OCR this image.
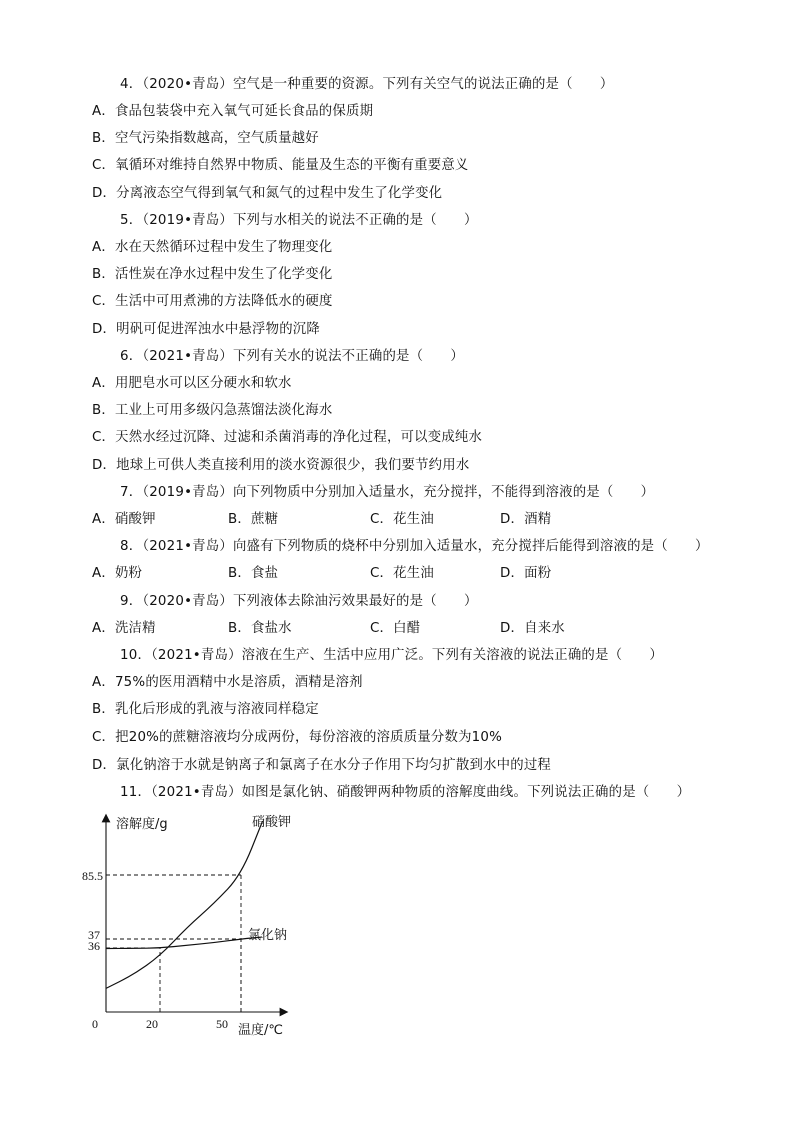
4．（2020•青岛）空气是一种重要的资源。下列有关空气的说法正确的是（　　）
A．食品包装袋中充入氧气可延长食品的保质期
B．空气污染指数越高，空气质量越好
C．氧循环对维持自然界中物质、能量及生态的平衡有重要意义
D．分离液态空气得到氧气和氮气的过程中发生了化学变化
5．（2019•青岛）下列与水相关的说法不正确的是（　　）
A．水在天然循环过程中发生了物理变化
B．活性炭在净水过程中发生了化学变化
C．生活中可用煮沸的方法降低水的硬度
D．明矾可促进浑浊水中悬浮物的沉降
6．（2021•青岛）下列有关水的说法不正确的是（　　）
A．用肥皂水可以区分硬水和软水
B．工业上可用多级闪急蒸馏法淡化海水
C．天然水经过沉降、过滤和杀菌消毒的净化过程，可以变成纯水
D．地球上可供人类直接利用的淡水资源很少，我们要节约用水
7．（2019•青岛）向下列物质中分别加入适量水，充分搅拌，不能得到溶液的是（　　）
A．硝酸钾	B．蔗糖	C．花生油	D．酒精
8．（2021•青岛）向盛有下列物质的烧杯中分别加入适量水，充分搅拌后能得到溶液的是（　　）
A．奶粉	B．食盐	C．花生油	D．面粉
9．（2020•青岛）下列液体去除油污效果最好的是（　　）
A．洗洁精	B．食盐水	C．白醋	D．自来水
10．（2021•青岛）溶液在生产、生活中应用广泛。下列有关溶液的说法正确的是（　　）
A．75%的医用酒精中水是溶质，酒精是溶剂
B．乳化后形成的乳液与溶液同样稳定
C．把20%的蔗糖溶液均分成两份，每份溶液的溶质质量分数为10%
D．氯化钠溶于水就是钠离子和氯离子在水分子作用下均匀扩散到水中的过程
11．（2021•青岛）如图是氯化钠、硝酸钾两种物质的溶解度曲线。下列说法正确的是（　　）
溶解度/g
温度/℃
0	20	50
36
37
85.5
硝酸钾
氯化钠
